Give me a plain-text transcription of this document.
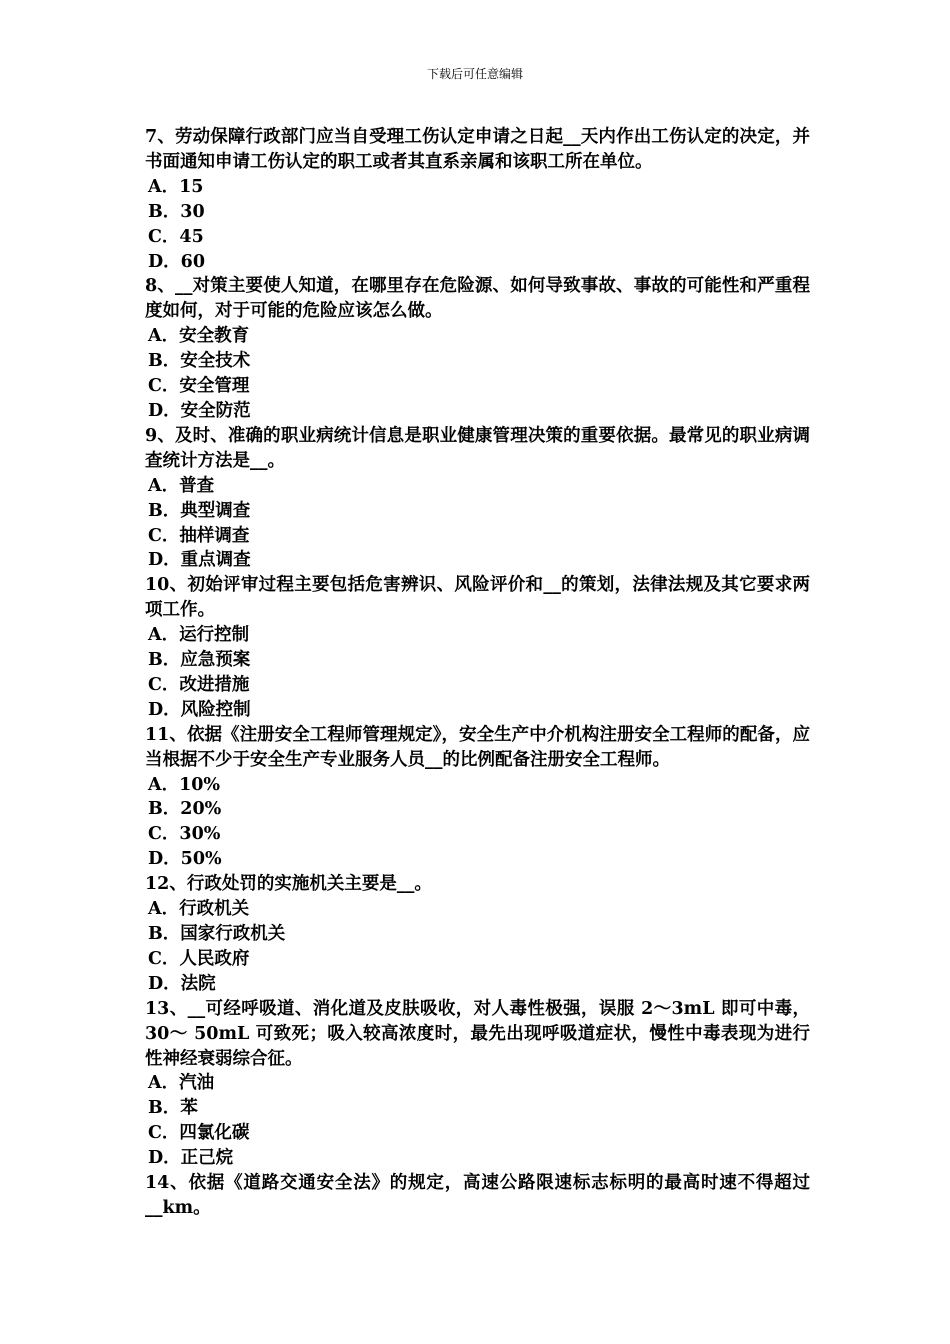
下载后可任意编辑

7、劳动保障行政部门应当自受理工伤认定申请之日起__天内作出工伤认定的决定，并书面通知申请工伤认定的职工或者其直系亲属和该职工所在单位。

A．15
B．30
C．45
D．60

8、__对策主要使人知道，在哪里存在危险源、如何导致事故、事故的可能性和严重程度如何，对于可能的危险应该怎么做。

A．安全教育
B．安全技术
C．安全管理
D．安全防范

9、及时、准确的职业病统计信息是职业健康管理决策的重要依据。最常见的职业病调查统计方法是__。

A．普查
B．典型调查
C．抽样调查
D．重点调查

10、初始评审过程主要包括危害辨识、风险评价和__的策划，法律法规及其它要求两项工作。

A．运行控制
B．应急预案
C．改进措施
D．风险控制

11、依据《注册安全工程师管理规定》，安全生产中介机构注册安全工程师的配备，应当根据不少于安全生产专业服务人员__的比例配备注册安全工程师。

A．10%
B．20%
C．30%
D．50%

12、行政处罚的实施机关主要是__。

A．行政机关
B．国家行政机关
C．人民政府
D．法院

13、__可经呼吸道、消化道及皮肤吸收，对人毒性极强，误服 2～3mL 即可中毒，30～ 50mL 可致死；吸入较高浓度时，最先出现呼吸道症状，慢性中毒表现为进行性神经衰弱综合征。

A．汽油
B．苯
C．四氯化碳
D．正己烷

14、依据《道路交通安全法》的规定，高速公路限速标志标明的最高时速不得超过__km。
